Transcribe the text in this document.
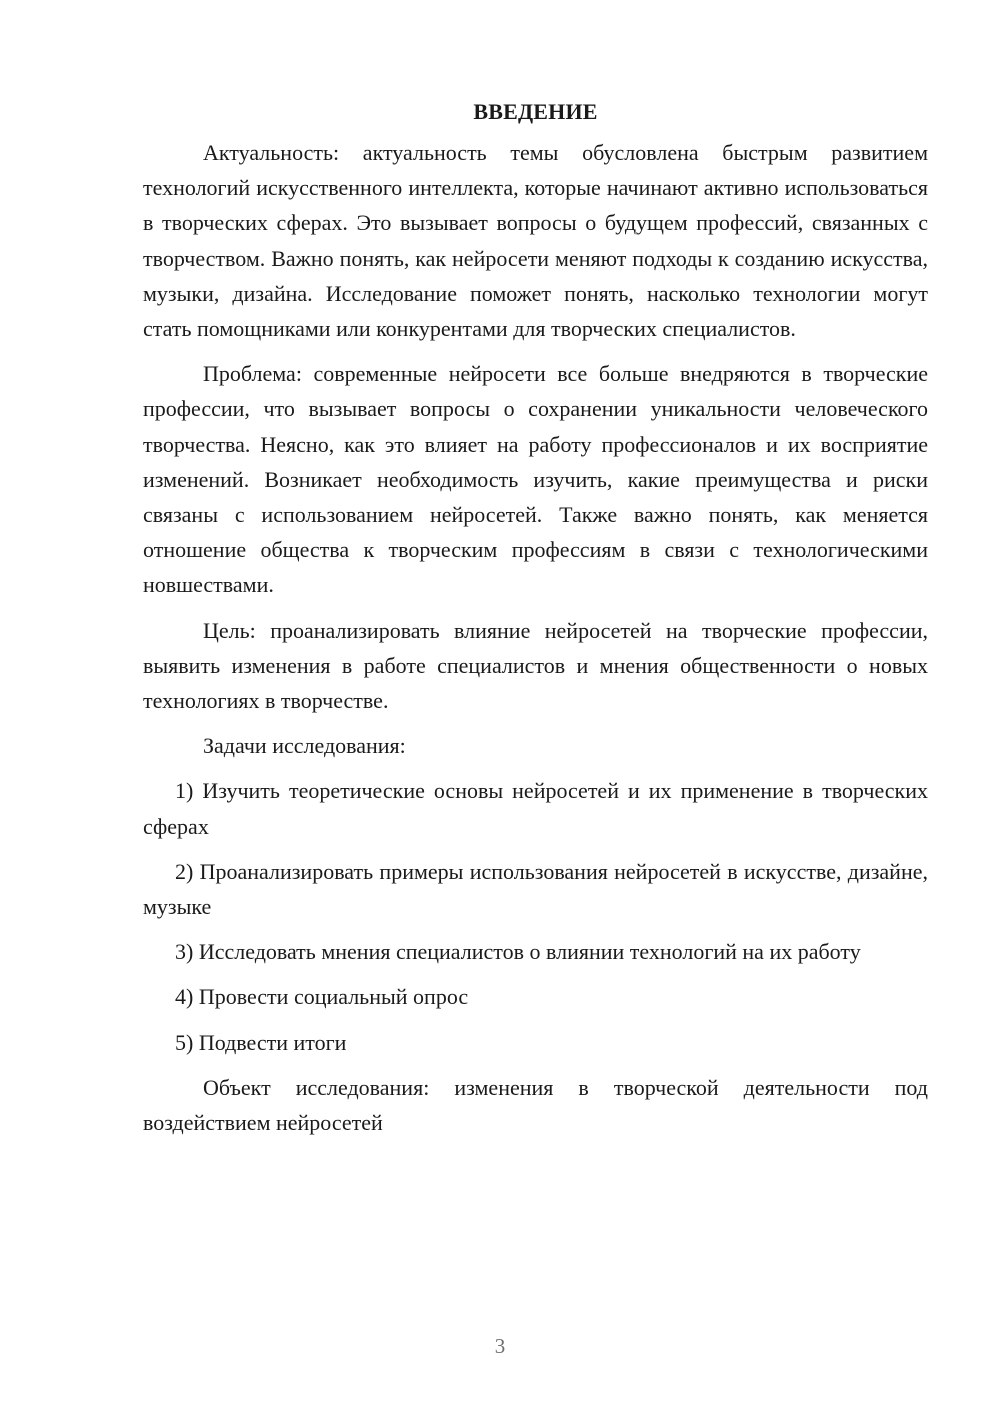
ВВЕДЕНИЕ

Актуальность: актуальность темы обусловлена быстрым развитием технологий искусственного интеллекта, которые начинают активно использоваться в творческих сферах. Это вызывает вопросы о будущем профессий, связанных с творчеством. Важно понять, как нейросети меняют подходы к созданию искусства, музыки, дизайна. Исследование поможет понять, насколько технологии могут стать помощниками или конкурентами для творческих специалистов.

Проблема: современные нейросети все больше внедряются в творческие профессии, что вызывает вопросы о сохранении уникальности человеческого творчества. Неясно, как это влияет на работу профессионалов и их восприятие изменений. Возникает необходимость изучить, какие преимущества и риски связаны с использованием нейросетей. Также важно понять, как меняется отношение общества к творческим профессиям в связи с технологическими новшествами.

Цель: проанализировать влияние нейросетей на творческие профессии, выявить изменения в работе специалистов и мнения общественности о новых технологиях в творчестве.

Задачи исследования:

1) Изучить теоретические основы нейросетей и их применение в творческих сферах

2) Проанализировать примеры использования нейросетей в искусстве, дизайне, музыке

3) Исследовать мнения специалистов о влиянии технологий на их работу

4) Провести социальный опрос

5) Подвести итоги

Объект исследования: изменения в творческой деятельности под воздействием нейросетей

3
